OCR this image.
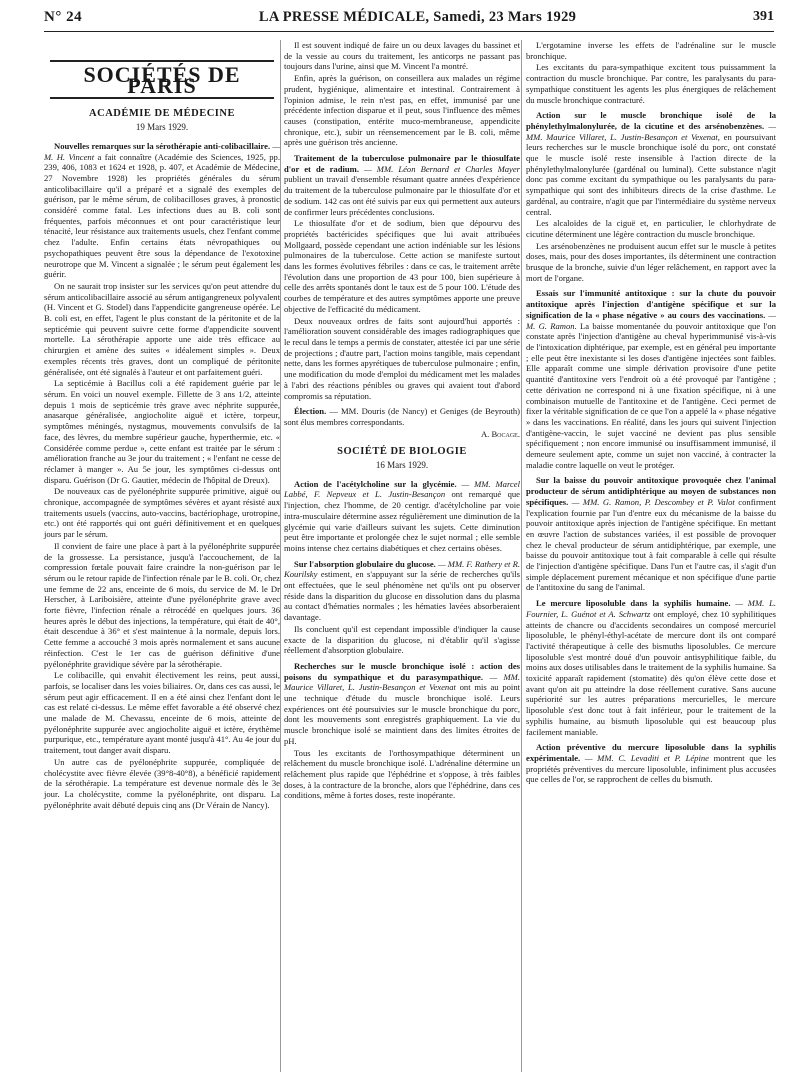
N° 24	LA PRESSE MÉDICALE, Samedi, 23 Mars 1929	391
SOCIÉTÉS DE PARIS
ACADÉMIE DE MÉDECINE
19 Mars 1929.

Nouvelles remarques sur la sérothérapie anti-colibacillaire. — M. H. Vincent a fait connaître (Académie des Sciences, 1925, pp. 239, 406, 1083 et 1624 et 1928, p. 407, et Académie de Médecine, 27 Novembre 1928) les propriétés générales du sérum anticolibacillaire qu'il a préparé et a signalé des exemples de guérison, par le même sérum, de colibacilloses graves, à pronostic considéré comme fatal. Les infections dues au B. coli sont fréquentes, parfois méconnues et ont pour caractéristique leur ténacité, leur résistance aux traitements usuels, chez l'enfant comme chez l'adulte. Enfin certains états névropathiques ou psychopathiques peuvent être sous la dépendance de l'exotoxine neurotrope que M. Vincent a signalée ; le sérum peut également les guérir.

On ne saurait trop insister sur les services qu'on peut attendre du sérum anticolibacillaire associé au sérum antigangreneux polyvalent (H. Vincent et G. Stodel) dans l'appendicite gangreneuse opérée. Le B. coli est, en effet, l'agent le plus constant de la péritonite et de la septicémie qui peuvent suivre cette forme d'appendicite souvent mortelle. La sérothérapie apporte une aide très efficace au chirurgien et amène des suites « idéalement simples ». Deux exemples récents très graves, dont un compliqué de péritonite généralisée, ont été signalés à l'auteur et ont parfaitement guéri.

La septicémie à Bacillus coli a été rapidement guérie par le sérum. En voici un nouvel exemple. Fillette de 3 ans 1/2, atteinte depuis 1 mois de septicémie très grave avec néphrite suppurée, anasarque généralisée, angiocholite aiguë et ictère, torpeur, symptômes méningés, nystagmus, mouvements convulsifs de la face, des lèvres, du membre supérieur gauche, hyperthermie, etc. « Considérée comme perdue », cette enfant est traitée par le sérum : amélioration franche au 3e jour du traitement ; « l'enfant ne cesse de réclamer à manger ». Au 5e jour, les symptômes ci-dessus ont disparu. Guérison (Dr G. Gautier, médecin de l'hôpital de Dreux).

De nouveaux cas de pyélonéphrite suppurée primitive, aiguë ou chronique, accompagnée de symptômes sévères et ayant résisté aux traitements usuels (vaccins, auto-vaccins, bactériophage, urotropine, etc.) ont été rapportés qui ont guéri définitivement et en quelques jours par le sérum.

Il convient de faire une place à part à la pyélonéphrite suppurée de la grossesse. La persistance, jusqu'à l'accouchement, de la compression fœtale pouvait faire craindre la non-guérison par le sérum ou le retour rapide de l'infection rénale par le B. coli. Or, chez une femme de 22 ans, enceinte de 6 mois, du service de M. le Dr Herscher, à Lariboisière, atteinte d'une pyélonéphrite grave avec forte fièvre, l'infection rénale a rétrocédé en quelques jours. 36 heures après le début des injections, la température, qui était de 40°, était descendue à 36° et s'est maintenue à la normale, depuis lors. Cette femme a accouché 3 mois après normalement et sans aucune réinfection. C'est le 1er cas de guérison définitive d'une pyélonéphrite gravidique sévère par la sérothérapie.

Le colibacille, qui envahit électivement les reins, peut aussi, parfois, se localiser dans les voies biliaires. Or, dans ces cas aussi, le sérum peut agir efficacement. Il en a été ainsi chez l'enfant dont le cas est relaté ci-dessus. Le même effet favorable a été observé chez une malade de M. Chevassu, enceinte de 6 mois, atteinte de pyélonéphrite suppurée avec angiocholite aiguë et ictère, érythème purpurique, etc., température ayant monté jusqu'à 41°. Au 4e jour du traitement, tout danger avait disparu.

Un autre cas de pyélonéphrite suppurée, compliquée de cholécystite avec fièvre élevée (39°8-40°8), a bénéficié rapidement de la sérothérapie. La température est devenue normale dès le 3e jour. La cholécystite, comme la pyélonéphrite, ont disparu. La pyélonéphrite avait débuté depuis cinq ans (Dr Vérain de Nancy).

Il est souvent indiqué de faire un ou deux lavages du bassinet et de la vessie au cours du traitement, les anticorps ne passant pas toujours dans l'urine, ainsi que M. Vincent l'a montré.

Enfin, après la guérison, on conseillera aux malades un régime prudent, hygiénique, alimentaire et intestinal. Contrairement à l'opinion admise, le rein n'est pas, en effet, immunisé par une précédente infection disparue et il peut, sous l'influence des mêmes causes (constipation, entérite muco-membraneuse, appendicite chronique, etc.), subir un réensemencement par le B. coli, même après une guérison très ancienne.

Traitement de la tuberculose pulmonaire par le thiosulfate d'or et de radium. — MM. Léon Bernard et Charles Mayer publient un travail d'ensemble résumant quatre années d'expérience du traitement de la tuberculose pulmonaire par le thiosulfate d'or et de sodium. 142 cas ont été suivis par eux qui permettent aux auteurs de confirmer leurs précédentes conclusions.

Le thiosulfate d'or et de sodium, bien que dépourvu des propriétés bactéricides spécifiques que lui avait attribuées Mollgaard, possède cependant une action indéniable sur les lésions pulmonaires de la tuberculose. Cette action se manifeste surtout dans les formes évolutives fébriles : dans ce cas, le traitement arrête l'évolution dans une proportion de 43 pour 100, bien supérieure à celle des arrêts spontanés dont le taux est de 5 pour 100. L'étude des courbes de température et des autres symptômes apporte une preuve objective de l'efficacité du médicament.

Deux nouveaux ordres de faits sont aujourd'hui apportés : l'amélioration souvent considérable des images radiographiques que le recul dans le temps a permis de constater, attestée ici par une série de projections ; d'autre part, l'action moins tangible, mais cependant nette, dans les formes apyrétiques de tuberculose pulmonaire ; enfin, une modification du mode d'emploi du médicament met les malades à l'abri des réactions pénibles ou graves qui avaient tout d'abord compromis sa réputation.

Élection. — MM. Douris (de Nancy) et Geniges (de Beyrouth) sont élus membres correspondants.

A. Bocage.
SOCIÉTÉ DE BIOLOGIE
16 Mars 1929.

Action de l'acétylcholine sur la glycémie. — MM. Marcel Labbé, F. Nepveux et L. Justin-Besançon ont remarqué que l'injection, chez l'homme, de 20 centigr. d'acétylcholine par voie intra-musculaire détermine assez régulièrement une diminution de la glycémie qui varie d'ailleurs suivant les sujets. Cette diminution peut être importante et prolongée chez le sujet normal ; elle semble moins intense chez certains diabétiques et chez certains obèses.

Sur l'absorption globulaire du glucose. — MM. F. Rathery et R. Kourilsky estiment, en s'appuyant sur la série de recherches qu'ils ont effectuées, que le seul phénomène net qu'ils ont pu observer réside dans la disparition du glucose en dissolution dans du plasma au contact d'hématies normales ; les hématies lavées absorberaient davantage.

Ils concluent qu'il est cependant impossible d'indiquer la cause exacte de la disparition du glucose, ni d'établir qu'il s'agisse réellement d'absorption globulaire.

Recherches sur le muscle bronchique isolé : action des poisons du sympathique et du parasympathique. — MM. Maurice Villaret, L. Justin-Besançon et Vexenat ont mis au point une technique d'étude du muscle bronchique isolé. Leurs expériences ont été poursuivies sur le muscle bronchique du porc, dont les mouvements sont enregistrés graphiquement. La vie du muscle bronchique isolé se maintient dans des limites étroites de pH.

Tous les excitants de l'orthosympathique déterminent un relâchement du muscle bronchique isolé. L'adrénaline détermine un relâchement plus rapide que l'éphédrine et s'oppose, à très faibles doses, à la contracture de la bronche, alors que l'éphédrine, dans ces conditions, même à fortes doses, reste inopérante.

L'ergotamine inverse les effets de l'adrénaline sur le muscle bronchique.

Les excitants du para-sympathique excitent tous puissamment la contraction du muscle bronchique. Par contre, les paralysants du para-sympathique constituent les agents les plus énergiques de relâchement du muscle bronchique contracturé.

Action sur le muscle bronchique isolé de la phénylethylmalonylurée, de la cicutine et des arsénobenzènes. — MM. Maurice Villaret, L. Justin-Besançon et Vexenat, en poursuivant leurs recherches sur le muscle bronchique isolé du porc, ont constaté que le muscle isolé reste insensible à l'action directe de la phénylethylmalonylurée (gardénal ou luminal). Cette substance n'agit donc pas comme excitant du sympathique ou les paralysants du para-sympathique qui sont des inhibiteurs directs de la crise d'asthme. Le gardénal, au contraire, n'agit que par l'intermédiaire du système nerveux central.

Les alcaloïdes de la ciguë et, en particulier, le chlorhydrate de cicutine déterminent une légère contraction du muscle bronchique.

Les arsénobenzènes ne produisent aucun effet sur le muscle à petites doses, mais, pour des doses importantes, ils déterminent une contraction brusque de la bronche, suivie d'un léger relâchement, en rapport avec la mort de l'organe.

Essais sur l'immunité antitoxique : sur la chute du pouvoir antitoxique après l'injection d'antigène spécifique et sur la signification de la « phase négative » au cours des vaccinations. — M. G. Ramon. La baisse momentanée du pouvoir antitoxique que l'on constate après l'injection d'antigène au cheval hyperimmunisé vis-à-vis de l'intoxication diphtérique, par exemple, est en général peu importante ; elle peut être inexistante si les doses d'antigène injectées sont faibles. Elle apparaît comme une simple dérivation provisoire d'une petite quantité d'antitoxine vers l'endroit où a été provoqué par l'antigène ; cette dérivation ne correspond ni à une fixation spécifique, ni à une combinaison mutuelle de l'antitoxine et de l'antigène. Ceci permet de fixer la véritable signification de ce que l'on a appelé la « phase négative » dans les vaccinations. En réalité, dans les jours qui suivent l'injection d'antigène-vaccin, le sujet vacciné ne devient pas plus sensible spécifiquement ; non encore immunisé ou insuffisamment immunisé, il demeure seulement apte, comme un sujet non vacciné, à contracter la maladie contre laquelle on veut le protéger.

Sur la baisse du pouvoir antitoxique provoquée chez l'animal producteur de sérum antidiphtérique au moyen de substances non spécifiques. — MM. G. Ramon, P. Descombey et P. Valot confirment l'explication fournie par l'un d'entre eux du mécanisme de la baisse du pouvoir antitoxique après injection de l'antigène spécifique. En mettant en œuvre l'action de substances variées, il est possible de provoquer chez le cheval producteur de sérum antidiphtérique, par exemple, une baisse du pouvoir antitoxique tout à fait comparable à celle qui résulte de l'injection d'antigène spécifique. Dans l'un et l'autre cas, il s'agit d'un simple déplacement purement mécanique et non spécifique d'une partie de l'antitoxine du sang de l'animal.

Le mercure liposoluble dans la syphilis humaine. — MM. L. Fournier, L. Guénot et A. Schwartz ont employé, chez 10 syphilitiques atteints de chancre ou d'accidents secondaires un composé mercuriel liposoluble, le phényl-éthyl-acétate de mercure dont ils ont comparé l'activité thérapeutique à celle des bismuths liposolubles. Ce mercure liposoluble s'est montré doué d'un pouvoir antisyphilitique faible, du moins aux doses utilisables dans le traitement de la syphilis humaine. Sa toxicité apparaît rapidement (stomatite) dès qu'on élève cette dose et avant qu'on ait pu atteindre la dose réellement curative. Sans aucune supériorité sur les autres préparations mercurielles, le mercure liposoluble s'est donc tout à fait inférieur, pour le traitement de la syphilis humaine, au bismuth liposoluble qui est beaucoup plus facilement maniable.

Action préventive du mercure liposoluble dans la syphilis expérimentale. — MM. C. Levaditi et P. Lépine montrent que les propriétés préventives du mercure liposoluble, infiniment plus accusées que celles de l'or, se rapprochent de celles du bismuth.
